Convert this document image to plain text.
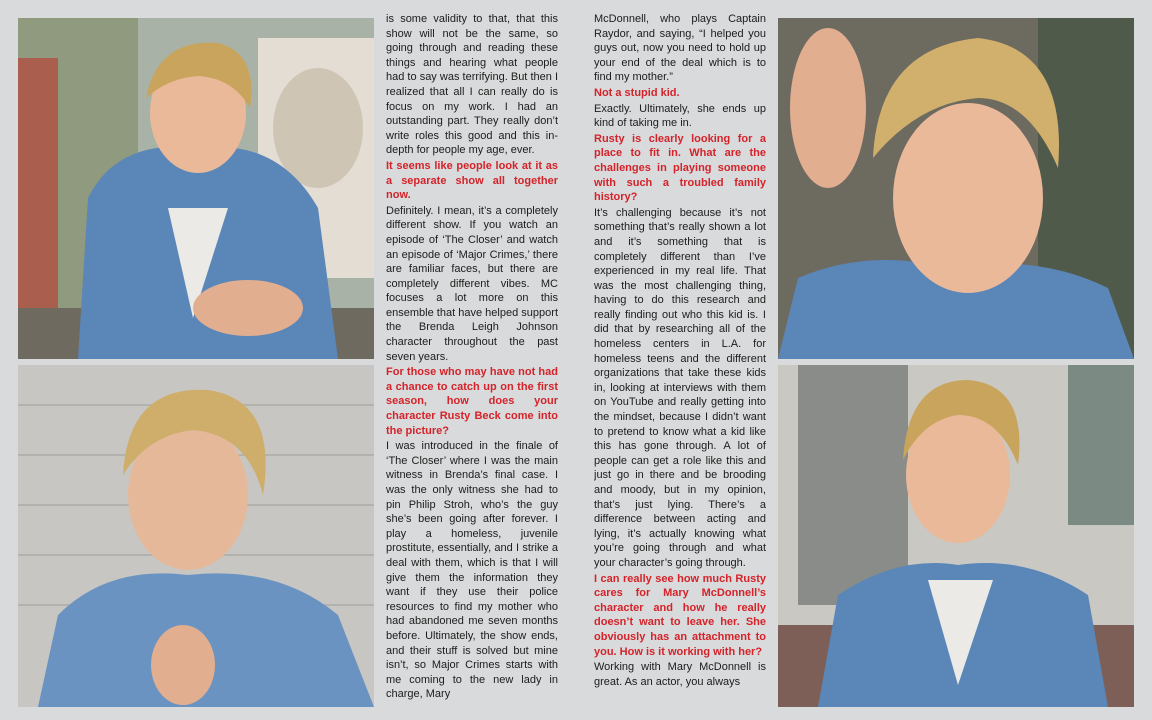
is some validity to that, that this show will not be the same, so going through and reading these things and hearing what people had to say was terrifying. But then I realized that all I can really do is focus on my work. I had an outstanding part. They really don’t write roles this good and this in-depth for people my age, ever.

It seems like people look at it as a separate show all together now.

Definitely. I mean, it’s a completely different show. If you watch an episode of ‘The Closer’ and watch an episode of ‘Major Crimes,’ there are familiar faces, but there are completely different vibes. MC focuses a lot more on this ensemble that have helped support the Brenda Leigh Johnson character throughout the past seven years.

For those who may have not had a chance to catch up on the first season, how does your character Rusty Beck come into the picture?

I was introduced in the finale of ‘The Closer’ where I was the main witness in Brenda’s final case. I was the only witness she had to pin Philip Stroh, who’s the guy she’s been going after forever. I play a homeless, juvenile prostitute, essentially, and I strike a deal with them, which is that I will give them the information they want if they use their police resources to find my mother who had abandoned me seven months before. Ultimately, the show ends, and their stuff is solved but mine isn’t, so Major Crimes starts with me coming to the new lady in charge, Mary

McDonnell, who plays Captain Raydor, and saying, “I helped you guys out, now you need to hold up your end of the deal which is to find my mother.”

Not a stupid kid.

Exactly. Ultimately, she ends up kind of taking me in.

Rusty is clearly looking for a place to fit in. What are the challenges in playing someone with such a troubled family history?

It’s challenging because it’s not something that’s really shown a lot and it’s something that is completely different than I’ve experienced in my real life. That was the most challenging thing, having to do this research and really finding out who this kid is. I did that by researching all of the homeless centers in L.A. for homeless teens and the different organizations that take these kids in, looking at interviews with them on YouTube and really getting into the mindset, because I didn’t want to pretend to know what a kid like this has gone through. A lot of people can get a role like this and just go in there and be brooding and moody, but in my opinion, that’s just lying. There’s a difference between acting and lying, it’s actually knowing what you’re going through and what your character’s going through.

I can really see how much Rusty cares for Mary McDonnell’s character and how he really doesn’t want to leave her. She obviously has an attachment to you. How is it working with her?

Working with Mary McDonnell is great. As an actor, you always
